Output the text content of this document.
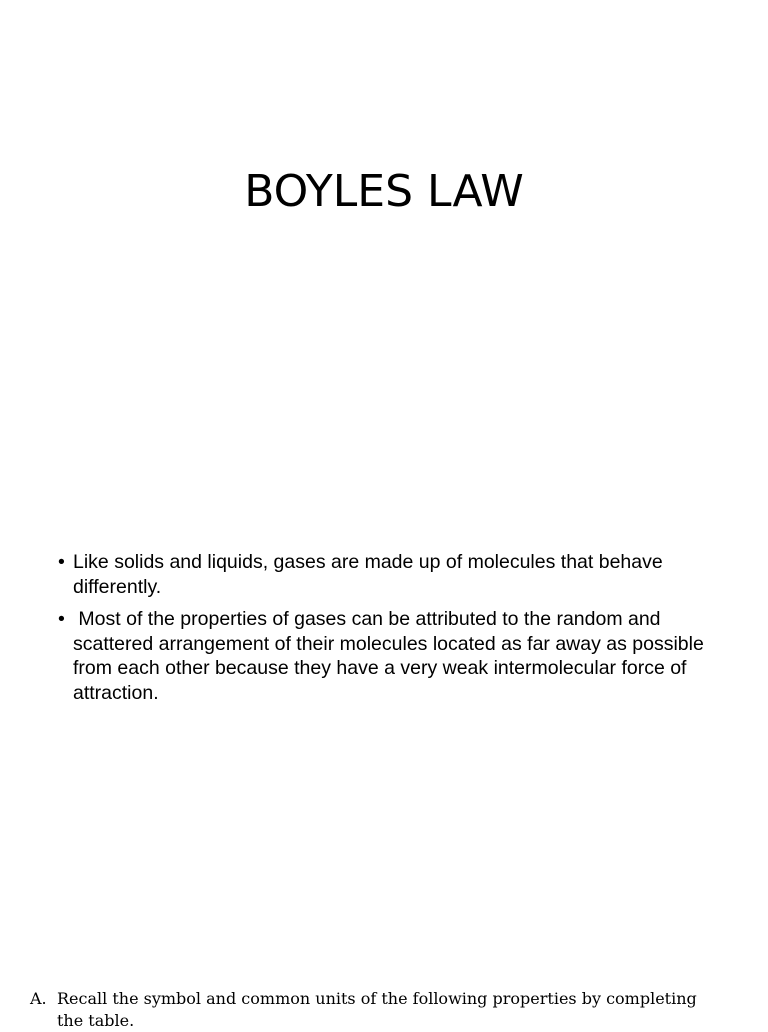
BOYLES LAW
• Like solids and liquids, gases are made up of molecules that behave differently.
• Most of the properties of gases can be attributed to the random and scattered arrangement of their molecules located as far away as possible from each other because they have a very weak intermolecular force of attraction.

A. Recall the symbol and common units of the following properties by completing the table.
